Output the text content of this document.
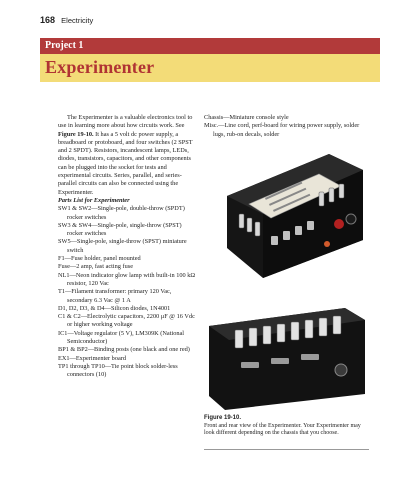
168 Electricity
Project 1
Experimenter

The Experimenter is a valuable electronics tool to use in learning more about how circuits work. See Figure 19-10. It has a 5 volt dc power supply, a breadboard or protoboard, and four switches (2 SPST and 2 SPDT). Resistors, incandescent lamps, LEDs, diodes, transistors, capacitors, and other components can be plugged into the socket for tests and experimental circuits. Series, parallel, and series-parallel circuits can also be connected using the Experimenter.

Parts List for Experimenter

SW1 & SW2—Single-pole, double-throw (SPDT) rocker switches

SW3 & SW4—Single-pole, single-throw (SPST) rocker switches

SW5—Single-pole, single-throw (SPST) miniature switch

F1—Fuse holder, panel mounted

Fuse—2 amp, fast acting fuse

NL1—Neon indicator glow lamp with built-in 100 kΩ resistor, 120 Vac

T1—Filament transformer: primary 120 Vac, secondary 6.3 Vac @ 1 A

D1, D2, D3, & D4—Silicon diodes, 1N4001

C1 & C2—Electrolytic capacitors, 2200 μF @ 16 Vdc or higher working voltage

IC1—Voltage regulator (5 V), LM309K (National Semiconductor)

BP1 & BP2—Binding posts (one black and one red)

EX1—Experimenter board

TP1 through TP10—Tie point block solder-less connectors (10)

Chassis—Miniature console style

Misc.—Line cord, perf-board for wiring power supply, solder lugs, rub-on decals, solder

Figure 19-10.
Front and rear view of the Experimenter. Your Experimenter may look different depending on the chassis that you choose.
